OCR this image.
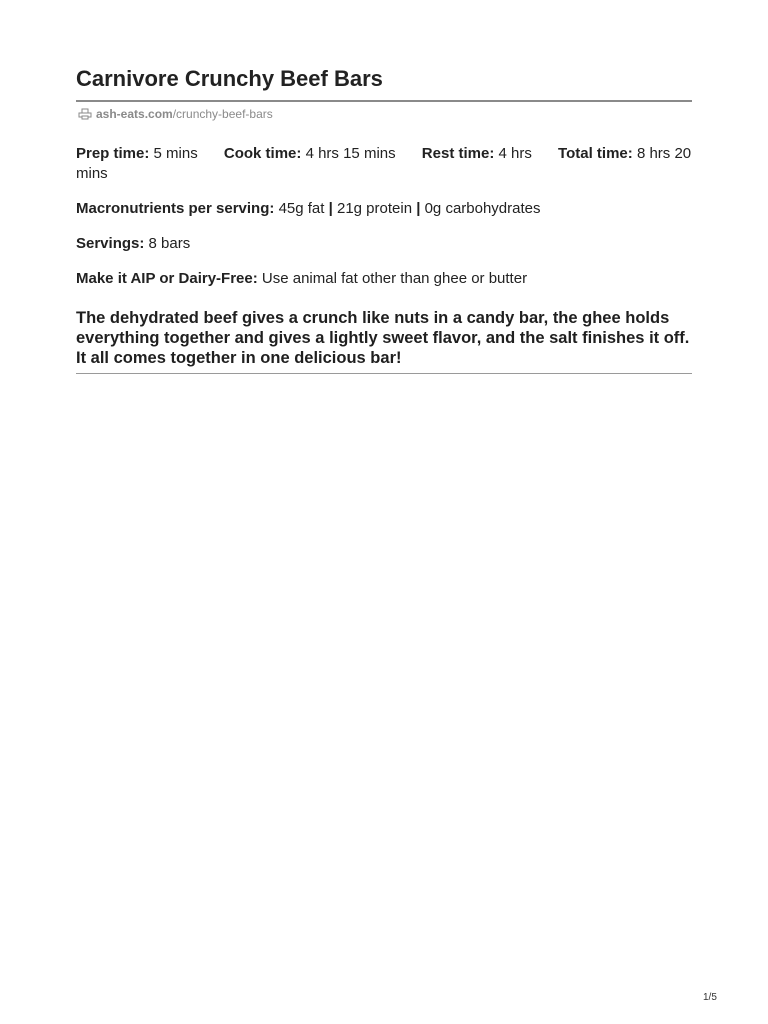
Carnivore Crunchy Beef Bars
ash-eats.com /crunchy-beef-bars
Prep time: 5 mins Cook time: 4 hrs 15 mins Rest time: 4 hrs Total time: 8 hrs 20 mins
Macronutrients per serving: 45g fat | 21g protein | 0g carbohydrates
Servings: 8 bars
Make it AIP or Dairy-Free: Use animal fat other than ghee or butter

The dehydrated beef gives a crunch like nuts in a candy bar, the ghee holds everything together and gives a lightly sweet flavor, and the salt finishes it off. It all comes together in one delicious bar!

1/5
